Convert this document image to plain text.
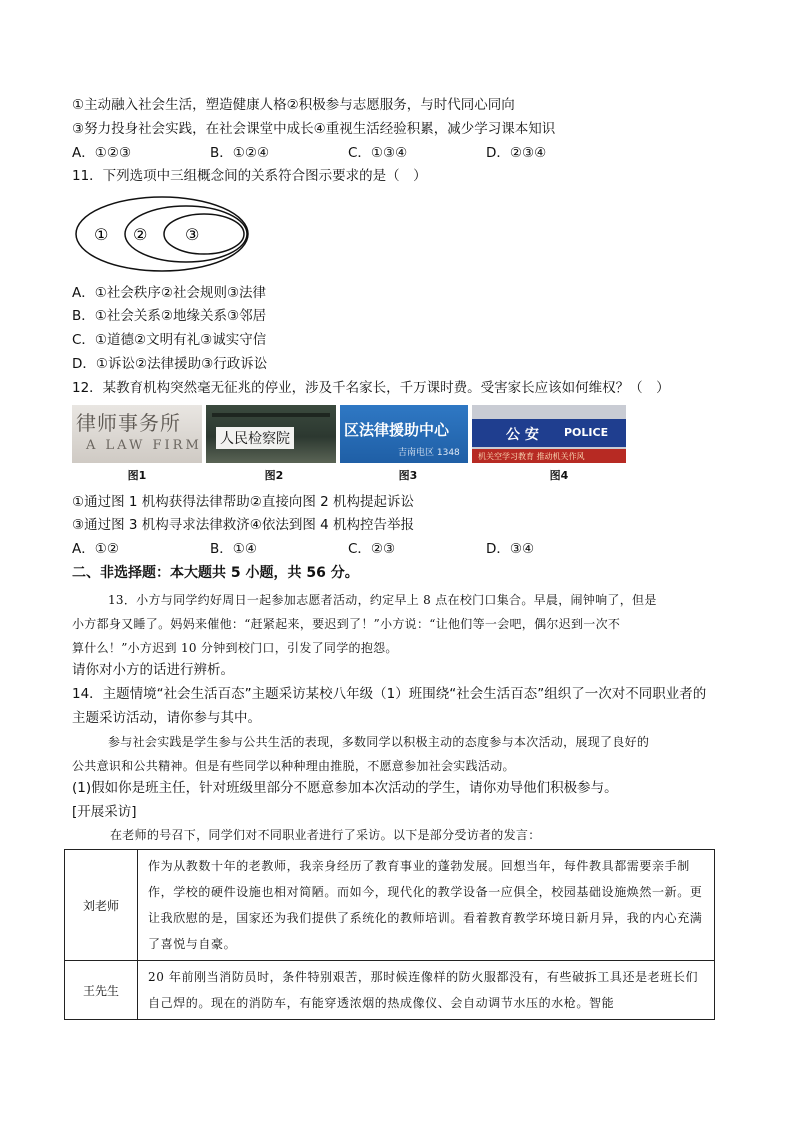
①主动融入社会生活，塑造健康人格②积极参与志愿服务，与时代同心同向
③努力投身社会实践，在社会课堂中成长④重视生活经验积累，减少学习课本知识
A．①②③	B．①②④	C．①③④	D．②③④
11．下列选项中三组概念间的关系符合图示要求的是（　）
① ② ③
A．①社会秩序②社会规则③法律
B．①社会关系②地缘关系③邻居
C．①道德②文明有礼③诚实守信
D．①诉讼②法律援助③行政诉讼
12．某教育机构突然毫无征兆的停业，涉及千名家长，千万课时费。受害家长应该如何维权？（　）
律师事务所
A LAW FIRM
图1
人民检察院
图2
区法律援助中心
吉南电区 1348
图3
公 安 POLICE
机关空学习教育 推动机关作风
图4
①通过图 1 机构获得法律帮助②直接向图 2 机构提起诉讼
③通过图 3 机构寻求法律救济④依法到图 4 机构控告举报
A．①②	B．①④	C．②③	D．③④
二、非选择题：本大题共 5 小题，共 56 分。
13．小方与同学约好周日一起参加志愿者活动，约定早上 8 点在校门口集合。早晨，闹钟响了，但是
小方都身又睡了。妈妈来催他：“赶紧起来，要迟到了！”小方说：“让他们等一会吧，偶尔迟到一次不
算什么！”小方迟到 10 分钟到校门口，引发了同学的抱怨。
请你对小方的话进行辨析。
14．主题情境“社会生活百态”主题采访某校八年级（1）班围绕“社会生活百态”组织了一次对不同职业者的
主题采访活动，请你参与其中。
参与社会实践是学生参与公共生活的表现，多数同学以积极主动的态度参与本次活动，展现了良好的
公共意识和公共精神。但是有些同学以种种理由推脱，不愿意参加社会实践活动。
(1)假如你是班主任，针对班级里部分不愿意参加本次活动的学生，请你劝导他们积极参与。
[开展采访]
在老师的号召下，同学们对不同职业者进行了采访。以下是部分受访者的发言：
刘老师	作为从教数十年的老教师，我亲身经历了教育事业的蓬勃发展。回想当年，每件教具都需要亲手制作，学校的硬件设施也相对简陋。而如今，现代化的教学设备一应俱全，校园基础设施焕然一新。更让我欣慰的是，国家还为我们提供了系统化的教师培训。看着教育教学环境日新月异，我的内心充满了喜悦与自豪。
王先生	20 年前刚当消防员时，条件特别艰苦，那时候连像样的防火服都没有，有些破拆工具还是老班长们自己焊的。现在的消防车，有能穿透浓烟的热成像仪、会自动调节水压的水枪。智能
